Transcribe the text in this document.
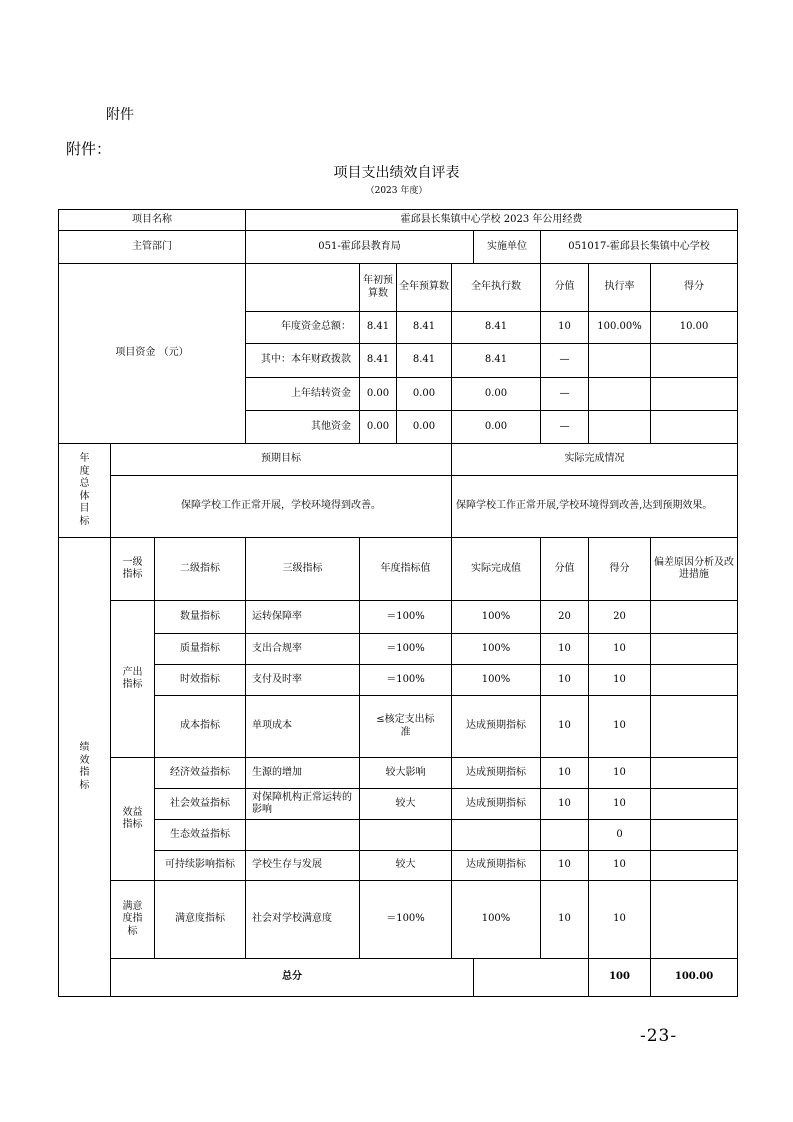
附件
附件：
项目支出绩效自评表
（2023 年度）
项目名称			霍邱县长集镇中心学校 2023 年公用经费								
主管部门			051-霍邱县教育局				实施单位	051017-霍邱县长集镇中心学校			
项目资金 （元）				年初预算数	全年预算数	全年执行数		分值	执行率	得分	
			年度资金总额：	8.41	8.41	8.41		10	100.00%	10.00	
			其中：本年财政拨款	8.41	8.41	8.41		—			
			上年结转资金	0.00	0.00	0.00		—			
			其他资金	0.00	0.00	0.00		—			
年度总体目标	预期目标					实际完成情况					
	保障学校工作正常开展，学校环境得到改善。					保障学校工作正常开展,学校环境得到改善,达到预期效果。					
绩效指标	一级指标	二级指标	三级指标	年度指标值		实际完成值		分值	得分	偏差原因分析及改进措施	
	产出指标	数量指标	运转保障率	＝100%		100%		20	20		
		质量指标	支出合规率	＝100%		100%		10	10		
		时效指标	支付及时率	＝100%		100%		10	10		
		成本指标	单项成本	≤核定支出标准		达成预期指标		10	10		
	效益指标	经济效益指标	生源的增加	较大影响		达成预期指标		10	10		
		社会效益指标	对保障机构正常运转的影响	较大		达成预期指标		10	10		
		生态效益指标							0		
		可持续影响指标	学校生存与发展	较大		达成预期指标		10	10		
	满意度指标	满意度指标	社会对学校满意度	＝100%		100%		10	10		
	总分								100	100.00	
-23-
